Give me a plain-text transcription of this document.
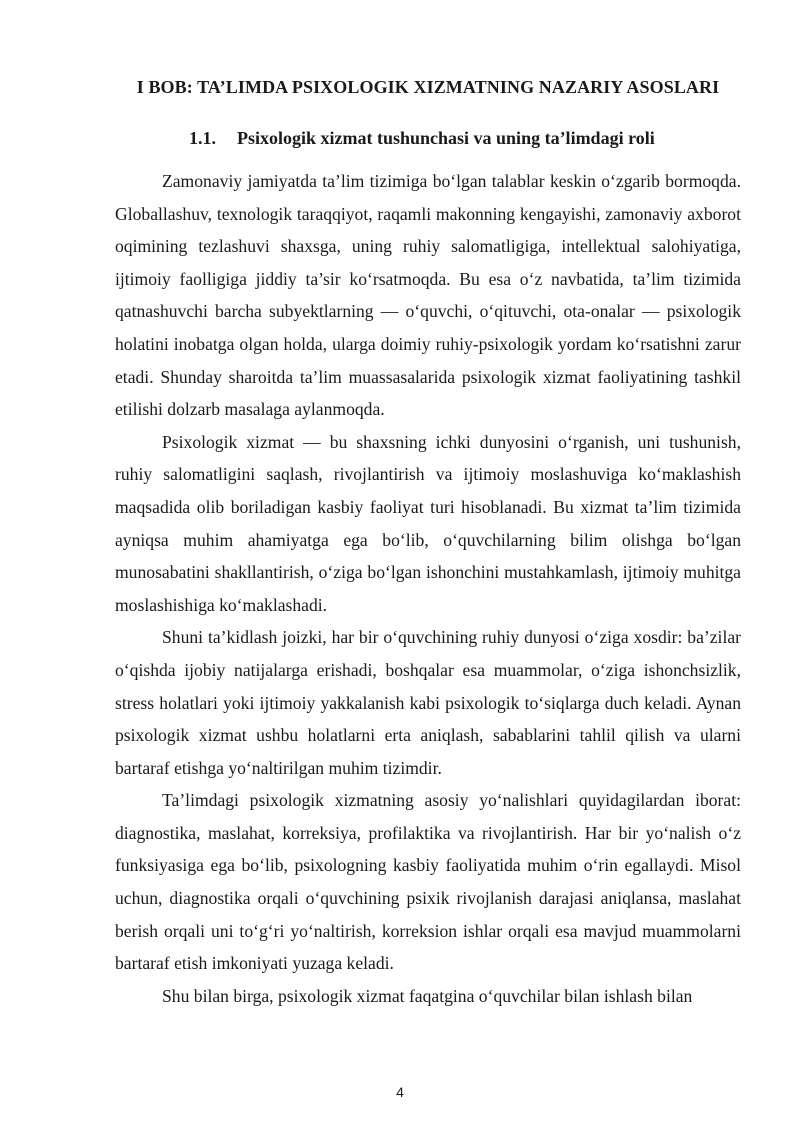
I BOB: TA’LIMDA PSIXOLOGIK XIZMATNING NAZARIY ASOSLARI
1.1. Psixologik xizmat tushunchasi va uning ta’limdagi roli

Zamonaviy jamiyatda ta’lim tizimiga bo‘lgan talablar keskin o‘zgarib bormoqda. Globallashuv, texnologik taraqqiyot, raqamli makonning kengayishi, zamonaviy axborot oqimining tezlashuvi shaxsga, uning ruhiy salomatligiga, intellektual salohiyatiga, ijtimoiy faolligiga jiddiy ta’sir ko‘rsatmoqda. Bu esa o‘z navbatida, ta’lim tizimida qatnashuvchi barcha subyektlarning — o‘quvchi, o‘qituvchi, ota-onalar — psixologik holatini inobatga olgan holda, ularga doimiy ruhiy-psixologik yordam ko‘rsatishni zarur etadi. Shunday sharoitda ta’lim muassasalarida psixologik xizmat faoliyatining tashkil etilishi dolzarb masalaga aylanmoqda.

Psixologik xizmat — bu shaxsning ichki dunyosini o‘rganish, uni tushunish, ruhiy salomatligini saqlash, rivojlantirish va ijtimoiy moslashuviga ko‘maklashish maqsadida olib boriladigan kasbiy faoliyat turi hisoblanadi. Bu xizmat ta’lim tizimida ayniqsa muhim ahamiyatga ega bo‘lib, o‘quvchilarning bilim olishga bo‘lgan munosabatini shakllantirish, o‘ziga bo‘lgan ishonchini mustahkamlash, ijtimoiy muhitga moslashishiga ko‘maklashadi.

Shuni ta’kidlash joizki, har bir o‘quvchining ruhiy dunyosi o‘ziga xosdir: ba’zilar o‘qishda ijobiy natijalarga erishadi, boshqalar esa muammolar, o‘ziga ishonchsizlik, stress holatlari yoki ijtimoiy yakkalanish kabi psixologik to‘siqlarga duch keladi. Aynan psixologik xizmat ushbu holatlarni erta aniqlash, sabablarini tahlil qilish va ularni bartaraf etishga yo‘naltirilgan muhim tizimdir.

Ta’limdagi psixologik xizmatning asosiy yo‘nalishlari quyidagilardan iborat: diagnostika, maslahat, korreksiya, profilaktika va rivojlantirish. Har bir yo‘nalish o‘z funksiyasiga ega bo‘lib, psixologning kasbiy faoliyatida muhim o‘rin egallaydi. Misol uchun, diagnostika orqali o‘quvchining psixik rivojlanish darajasi aniqlansa, maslahat berish orqali uni to‘g‘ri yo‘naltirish, korreksion ishlar orqali esa mavjud muammolarni bartaraf etish imkoniyati yuzaga keladi.

Shu bilan birga, psixologik xizmat faqatgina o‘quvchilar bilan ishlash bilan

4
